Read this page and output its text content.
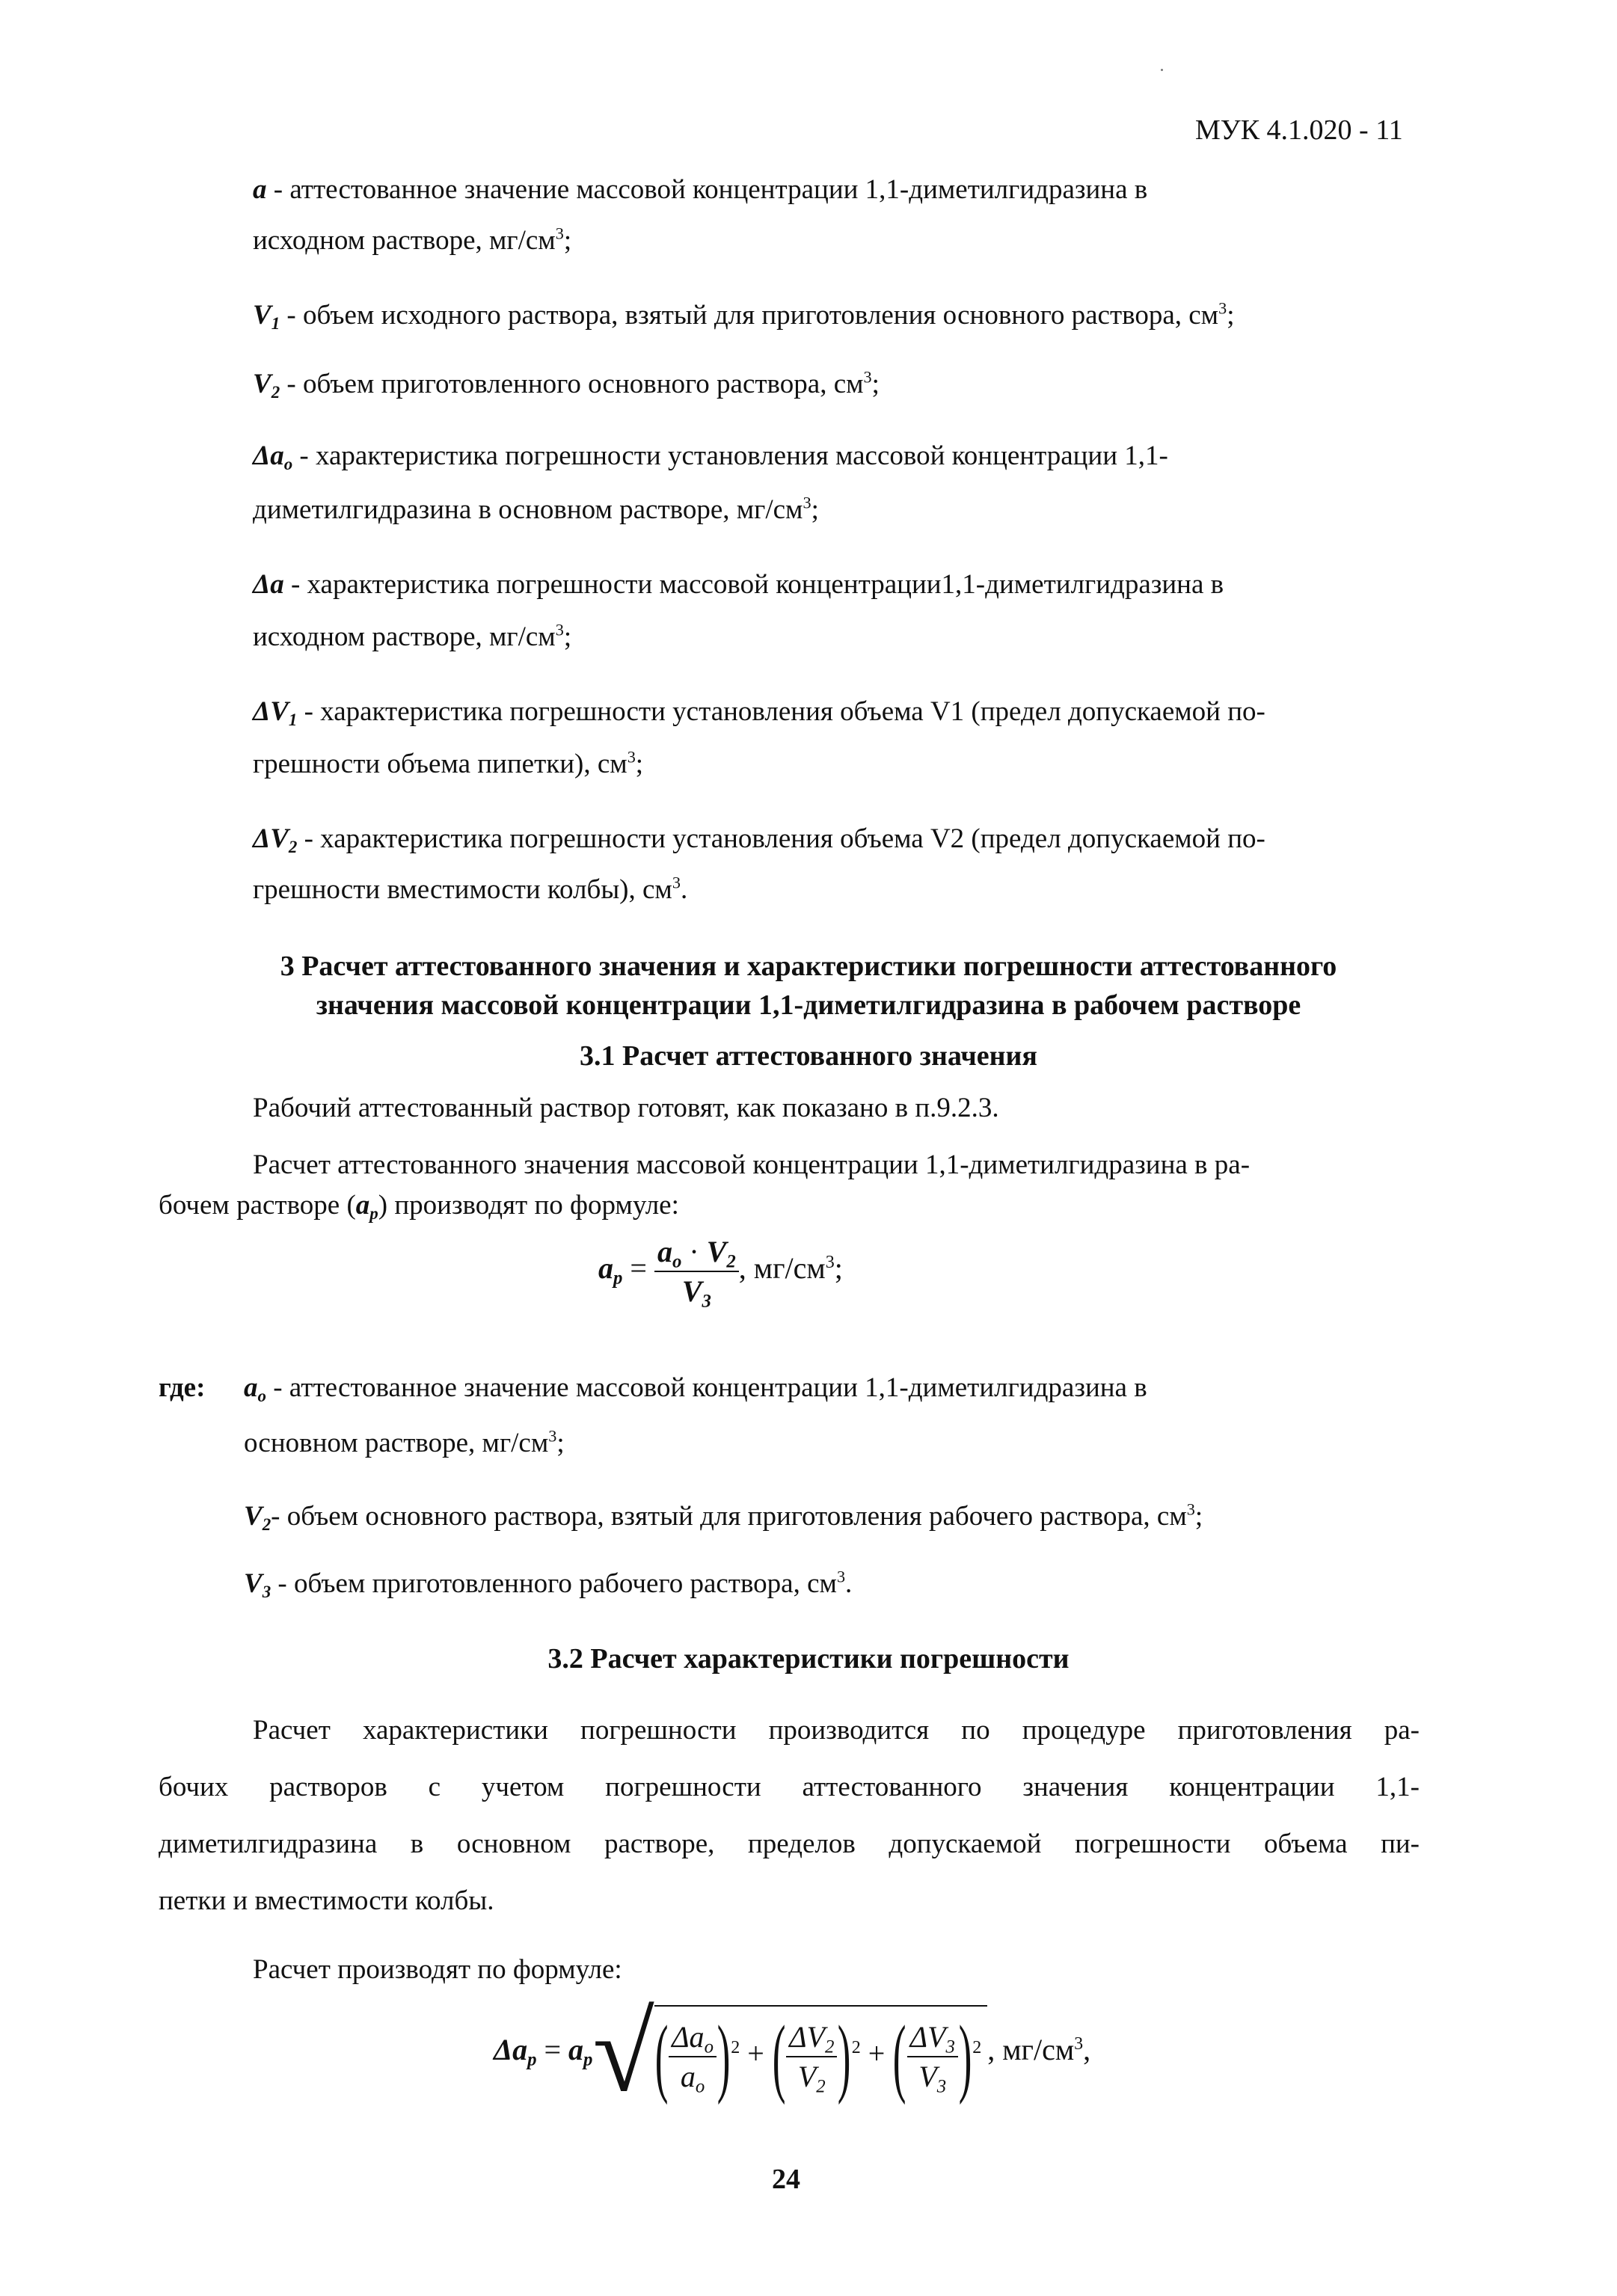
МУК 4.1.020 - 11
a - аттестованное значение массовой концентрации 1,1-диметилгидразина в
исходном растворе, $мг/см^3$;
$V_1$ - объем исходного раствора, взятый для приготовления основного раствора, $см^3$;
$V_2$ - объем приготовленного основного раствора, $см^3$;
$\Delta a_o$ - характеристика погрешности установления массовой концентрации 1,1-
диметилгидразина в основном растворе, $мг/см^3$;
Δa - характеристика погрешности массовой концентрации1,1-диметилгидразина в
исходном растворе, $мг/см^3$;
$\Delta V_1$ - характеристика погрешности установления объема V1 (предел допускаемой по-
грешности объема пипетки), $см^3$;
$\Delta V_2$ - характеристика погрешности установления объема V2 (предел допускаемой по-
грешности вместимости колбы), $см^3$.
3 Расчет аттестованного значения и характеристики погрешности аттестованного
значения массовой концентрации 1,1-диметилгидразина в рабочем растворе
3.1 Расчет аттестованного значения
Рабочий аттестованный раствор готовят, как показано в п.9.2.3.
Расчет аттестованного значения массовой концентрации 1,1-диметилгидразина в ра-
бочем растворе $(a_p)$ производят по формуле:
$a_p = \frac{a_o \cdot V_2}{V_3}$ , $мг/см^3$;
где: $a_o$ - аттестованное значение массовой концентрации 1,1-диметилгидразина в
основном растворе, $мг/см^3$;
$V_2-$ объем основного раствора, взятый для приготовления рабочего раствора, $см^3$;
$V_3$ - объем приготовленного рабочего раствора, $см^3$.
3.2 Расчет характеристики погрешности
Расчет характеристики погрешности производится по процедуре приготовления ра-
бочих растворов с учетом погрешности аттестованного значения концентрации 1,1-
диметилгидразина в основном растворе, пределов допускаемой погрешности объема пи-
петки и вместимости колбы.
Расчет производят по формуле:
$\Delta a_p = a_p√$
( $\frac{\Delta a_o}{a_o} )^2$ + ( $\frac{\Delta V_2}{V_2} )^2$ + ( $\frac{\Delta V_3}{V_3} )^2$ , $мг/см^3$,
24
